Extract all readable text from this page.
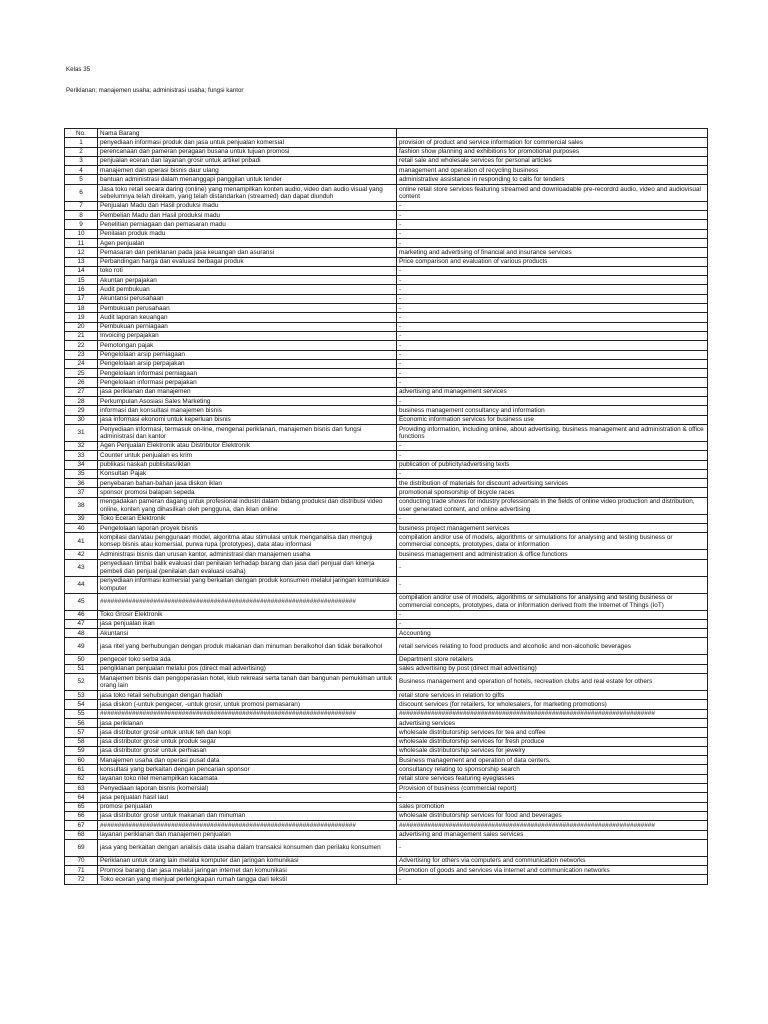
Kelas 35
Periklanan; manajemen usaha; administrasi usaha; fungsi kantor
No.	Nama Barang	
1	penyediaan informasi produk dan jasa untuk penjualan komersial	provision of product and service information for commercial sales
2	perencanaan dan pameran peragaan busana untuk tujuan promosi	fashion show planning and exhibitions for promotional purposes
3	penjualan eceran dan layanan grosir untuk artikel pribadi	retail sale and wholesale services for personal articles
4	manajemen dan operasi bisnis daur ulang	management and operation of recycling business
5	bantuan administrasi dalam menanggapi panggilan untuk tender	administrative assistance in responding to calls for tenders
6	Jasa toko retail secara daring (online) yang menampilkan konten audio, video dan audio visual yang sebelumnya telah direkam, yang telah distandarkan (streamed) dan dapat diunduh	online retail store services featuring streamed and downloadable pre-recordrd audio, video and audiovisual content
7	Penjualan Madu dan Hasil produksi madu	-
8	Pembelian Madu dan Hasil produksi madu	-
9	Penelitian perniagaan dan pemasaran madu	-
10	Penilaian produk madu	-
11	Agen penjualan	-
12	Pemasaran dan periklanan pada jasa keuangan dan asuransi	marketing and advertising of financial and insurance services
13	Perbandingan harga dan evaluasi berbagai produk	Price comparison and evaluation of various products
14	toko roti	-
15	Akuntan perpajakan	-
16	Audit pembukuan	-
17	Akuntansi perusahaan	-
18	Pembukuan perusahaan	-
19	Audit laporan keuangan	-
20	Pembukuan perniagaan	-
21	Invoicing perpajakan	-
22	Pemotongan pajak	-
23	Pengelolaan arsip perniagaan	-
24	Pengelolaan arsip perpajakan	-
25	Pengelolaan informasi perniagaan	-
26	Pengelolaan informasi perpajakan	-
27	jasa periklanan dan manajemen	advertising and management services
28	Perkumpulan Asosiasi Sales Marketing	-
29	informasi dan konsultasi manajemen bisnis	business management consultancy and information
30	jasa informasi ekonomi untuk keperluan bisnis	Economic information services for business use
31	Penyediaan informasi, termasuk on-line, mengenai periklanan, manajemen bisnis dan fungsi administrasi dan kantor	Providing information, including online, about advertising, business management and administration & office functions
32	Agen Penjualan Elektronik atau Distributor Elektronik	-
33	Counter untuk penjualan es krim	-
34	publikasi naskah publisitas/iklan	publication of publicity/advertising texts
35	Konsultan Pajak	-
36	penyebaran bahan-bahan jasa diskon iklan	the distribution of materials for discount advertising services
37	sponsor promosi balapan sepeda	promotional sponsorship of bicycle races
38	mengadakan pameran dagang untuk profesional industri dalam bidang produksi dan distribusi video online, konten yang dihasilkan oleh pengguna, dan iklan online	conducting trade shows for industry professionals in the fields of online video production and distribution, user generated content, and online advertising
39	Toko Eceran Elektronik	-
40	Pengelolaan laporan proyek bisnis	business project management services
41	kompilasi dan/atau penggunaan model, algoritma atau stimulasi untuk menganalisa dan menguji konsep bisnis atau komersial, purwa rupa (prototypes), data atau informasi	compilation and/or use of models, algorithms or simulations for analysing and testing business or commercial concepts, prototypes, data or information
42	Administrasi bisnis dan urusan kantor, administrasi dan manajemen usaha	business management and administration & office functions
43	penyediaan timbal balik evaluasi dan penilaian terhadap barang dan jasa dari penjual dan kinerja pembeli dan penjual (penilaian dan evaluasi usaha)	-
44	penyediaan informasi komersial yang berkaitan dengan produk konsumen melalui jaringan komunikasi komputer	-
45	########################################################################	compilation and/or use of models, algorithms or simulations for analysing and testing business or commercial concepts, prototypes, data or information derived from the Internet of Things (IoT)
46	Toko Grosir Elektronik	-
47	jasa penjualan ikan	-
48	Akuntansi	Accounting
49	jasa ritel yang berhubungan dengan produk makanan dan minuman beralkohol dan tidak beralkohol	retail services relating to food products and alcoholic and non-alcoholic beverages
50	pengecer toko serba ada	Department store retailers
51	pengiklanan penjualan melalui pos (direct mail advertising)	sales advertising by post (direct mail advertising)
52	Manajemen bisnis dan pengoperasian hotel, klub rekreasi serta tanah dan bangunan pemukiman untuk orang lain	Business management and operation of hotels, recreation clubs and real estate for others
53	jasa toko retail sehubungan dengan hadiah	retail store services in relation to gifts
54	jasa diskon (-untuk pengecer, -untuk grosir, untuk promosi pemasaran)	discount services (for retailers, for wholesalers, for marketing promotions)
55	########################################################################	########################################################################
56	jasa periklanan	advertising services
57	jasa distributor grosir untuk untuk teh dan kopi	wholesale distributorship services for tea and coffee
58	jasa distributor grosir untuk produk segar	wholesale distributorship services for fresh produce
59	jasa distributor grosir untuk perhiasan	wholesale distributorship services for jewelry
60	Manajemen usaha dan operasi pusat data	Business management and operation of data centers.
61	konsultasi yang berkaitan dengan pencarian sponsor	consultancy relating to sponsorship search
62	layanan toko ritel menampilkan kacamata	retail store services featuring eyeglasses
63	Penyediaan laporan bisnis (komersial)	Provision of business (commercial report)
64	jasa penjualan hasil laut	-
65	promosi penjualan	sales promotion
66	jasa distributor grosir untuk makanan dan minuman	wholesale distributorship services for food and beverages
67	########################################################################	########################################################################
68	layanan periklanan dan manajemen penjualan	advertising and management sales services
69	jasa yang berkaitan dengan analisis data usaha dalam transaksi konsumen dan perilaku konsumen	-
70	Periklanan untuk orang lain melalui komputer dan jaringan komunikasi	Advertising for others via computers and communication networks
71	Promosi barang dan jasa melalui jaringan internet dan komunikasi	Promotion of goods and services via internet and communication networks
72	Toko eceran yang menjual perlengkapan rumah tangga dari tekstil	-
